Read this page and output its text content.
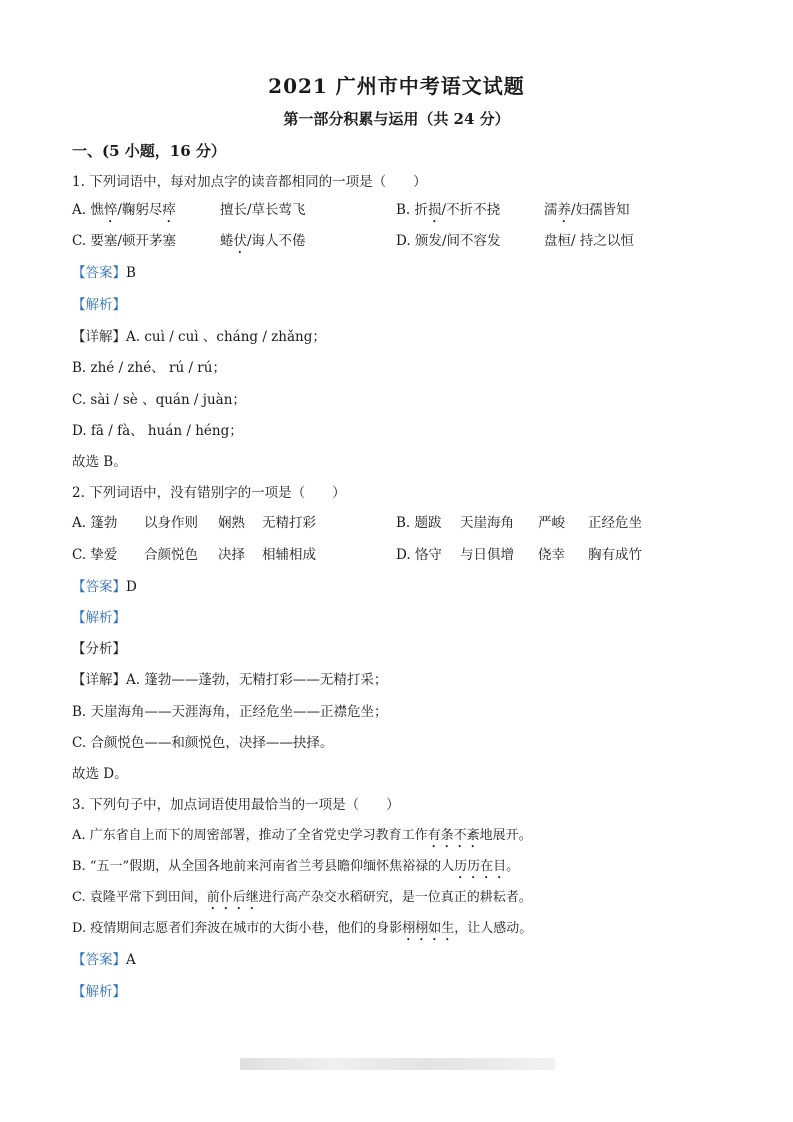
2021 广州市中考语文试题
第一部分积累与运用（共 24 分）
一、(5 小题，16 分）
1. 下列词语中，每对加点字的读音都相同的一项是（　　）
A. 憔悴/鞠躬尽瘁	擅长/草长莺飞	B. 折损/不折不挠	濡养/妇孺皆知
C. 要塞/顿开茅塞	蜷伏/诲人不倦	D. 颁发/间不容发	盘桓/ 持之以恒
【答案】B
【解析】
【详解】A. cuì / cuì 、cháng / zhǎng；
B. zhé / zhé、 rú / rú；
C. sài / sè 、quán / juàn；
D. fā / fà、 huán / héng；
故选 B。
2. 下列词语中，没有错别字的一项是（　　）
A. 篷勃 以身作则 娴熟 无精打彩	B. 题跋 天崖海角 严峻 正经危坐
C. 挚爱 合颜悦色 决择 相辅相成	D. 恪守 与日俱增 侥幸 胸有成竹
【答案】D
【解析】
【分析】
【详解】A. 篷勃——蓬勃，无精打彩——无精打采；
B. 天崖海角——天涯海角，正经危坐——正襟危坐；
C. 合颜悦色——和颜悦色，决择——抉择。
故选 D。
3. 下列句子中，加点词语使用最恰当的一项是（　　）
A. 广东省自上而下的周密部署，推动了全省党史学习教育工作有条不紊地展开。
B. “五一”假期，从全国各地前来河南省兰考县瞻仰缅怀焦裕禄的人历历在目。
C. 袁隆平常下到田间，前仆后继进行高产杂交水稻研究，是一位真正的耕耘者。
D. 疫情期间志愿者们奔波在城市的大街小巷，他们的身影栩栩如生，让人感动。
【答案】A
【解析】
